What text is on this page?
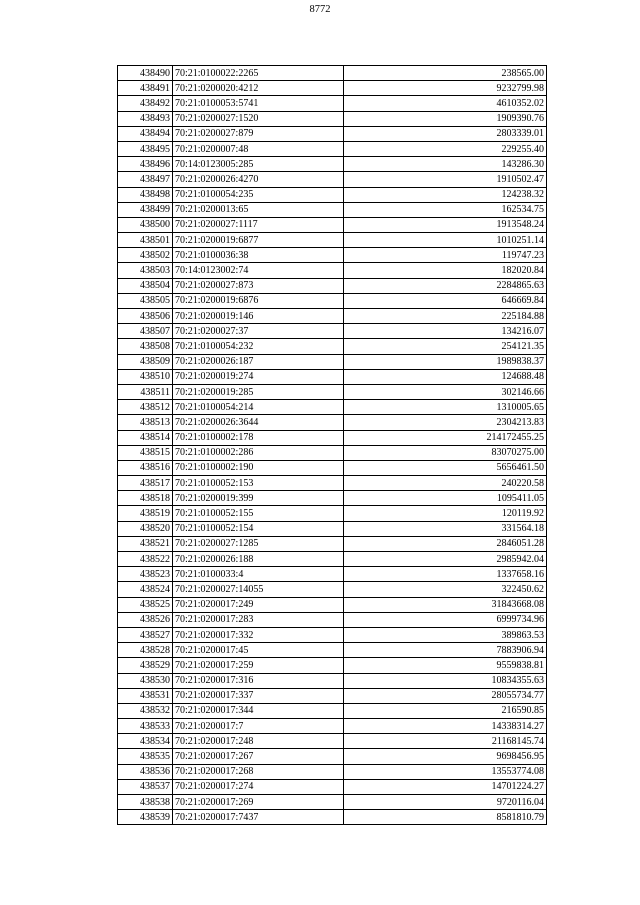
8772
438490	70:21:0100022:2265	238565.00
438491	70:21:0200020:4212	9232799.98
438492	70:21:0100053:5741	4610352.02
438493	70:21:0200027:1520	1909390.76
438494	70:21:0200027:879	2803339.01
438495	70:21:0200007:48	229255.40
438496	70:14:0123005:285	143286.30
438497	70:21:0200026:4270	1910502.47
438498	70:21:0100054:235	124238.32
438499	70:21:0200013:65	162534.75
438500	70:21:0200027:1117	1913548.24
438501	70:21:0200019:6877	1010251.14
438502	70:21:0100036:38	119747.23
438503	70:14:0123002:74	182020.84
438504	70:21:0200027:873	2284865.63
438505	70:21:0200019:6876	646669.84
438506	70:21:0200019:146	225184.88
438507	70:21:0200027:37	134216.07
438508	70:21:0100054:232	254121.35
438509	70:21:0200026:187	1989838.37
438510	70:21:0200019:274	124688.48
438511	70:21:0200019:285	302146.66
438512	70:21:0100054:214	1310005.65
438513	70:21:0200026:3644	2304213.83
438514	70:21:0100002:178	214172455.25
438515	70:21:0100002:286	83070275.00
438516	70:21:0100002:190	5656461.50
438517	70:21:0100052:153	240220.58
438518	70:21:0200019:399	1095411.05
438519	70:21:0100052:155	120119.92
438520	70:21:0100052:154	331564.18
438521	70:21:0200027:1285	2846051.28
438522	70:21:0200026:188	2985942.04
438523	70:21:0100033:4	1337658.16
438524	70:21:0200027:14055	322450.62
438525	70:21:0200017:249	31843668.08
438526	70:21:0200017:283	6999734.96
438527	70:21:0200017:332	389863.53
438528	70:21:0200017:45	7883906.94
438529	70:21:0200017:259	9559838.81
438530	70:21:0200017:316	10834355.63
438531	70:21:0200017:337	28055734.77
438532	70:21:0200017:344	216590.85
438533	70:21:0200017:7	14338314.27
438534	70:21:0200017:248	21168145.74
438535	70:21:0200017:267	9698456.95
438536	70:21:0200017:268	13553774.08
438537	70:21:0200017:274	14701224.27
438538	70:21:0200017:269	9720116.04
438539	70:21:0200017:7437	8581810.79
